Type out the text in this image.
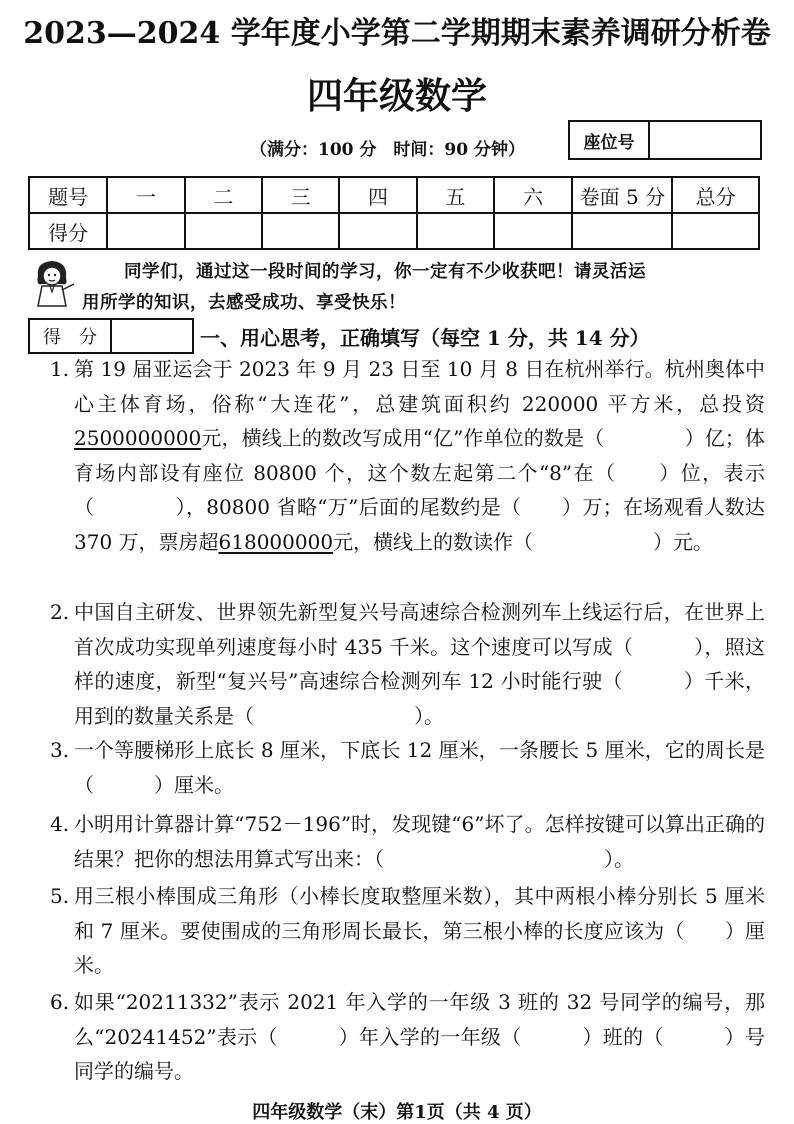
2023—2024 学年度小学第二学期期末素养调研分析卷
四年级数学
（满分：100 分　时间：90 分钟）	座位号
题号	一	二	三	四	五	六	卷面 5 分	总分
得分								
同学们，通过这一段时间的学习，你一定有不少收获吧！请灵活运
用所学的知识，去感受成功、享受快乐！
得　分	一、用心思考，正确填写（每空 1 分，共 14 分）
1. 第 19 届亚运会于 2023 年 9 月 23 日至 10 月 8 日在杭州举行。杭州奥体中心主体育场，俗称“大连花”，总建筑面积约 220000 平方米，总投资2500000000元，横线上的数改写成用“亿”作单位的数是（　　　　）亿；体育场内部设有座位 80800 个，这个数左起第二个“8”在（　　）位，表示（　　　　），80800 省略“万”后面的尾数约是（　　）万；在场观看人数达 370 万，票房超618000000元，横线上的数读作（　　　　　　）元。
2. 中国自主研发、世界领先新型复兴号高速综合检测列车上线运行后，在世界上首次成功实现单列速度每小时 435 千米。这个速度可以写成（　　　），照这样的速度，新型“复兴号”高速综合检测列车 12 小时能行驶（　　　）千米，用到的数量关系是（　　　　　　　　）。
3. 一个等腰梯形上底长 8 厘米，下底长 12 厘米，一条腰长 5 厘米，它的周长是（　　　）厘米。
4. 小明用计算器计算“752－196”时，发现键“6”坏了。怎样按键可以算出正确的结果？把你的想法用算式写出来：（　　　　　　　　　　　）。
5. 用三根小棒围成三角形（小棒长度取整厘米数），其中两根小棒分别长 5 厘米和 7 厘米。要使围成的三角形周长最长，第三根小棒的长度应该为（　　）厘米。
6. 如果“20211332”表示 2021 年入学的一年级 3 班的 32 号同学的编号，那么“20241452”表示（　　　）年入学的一年级（　　　）班的（　　　）号同学的编号。
四年级数学（末）第1页（共 4 页）
